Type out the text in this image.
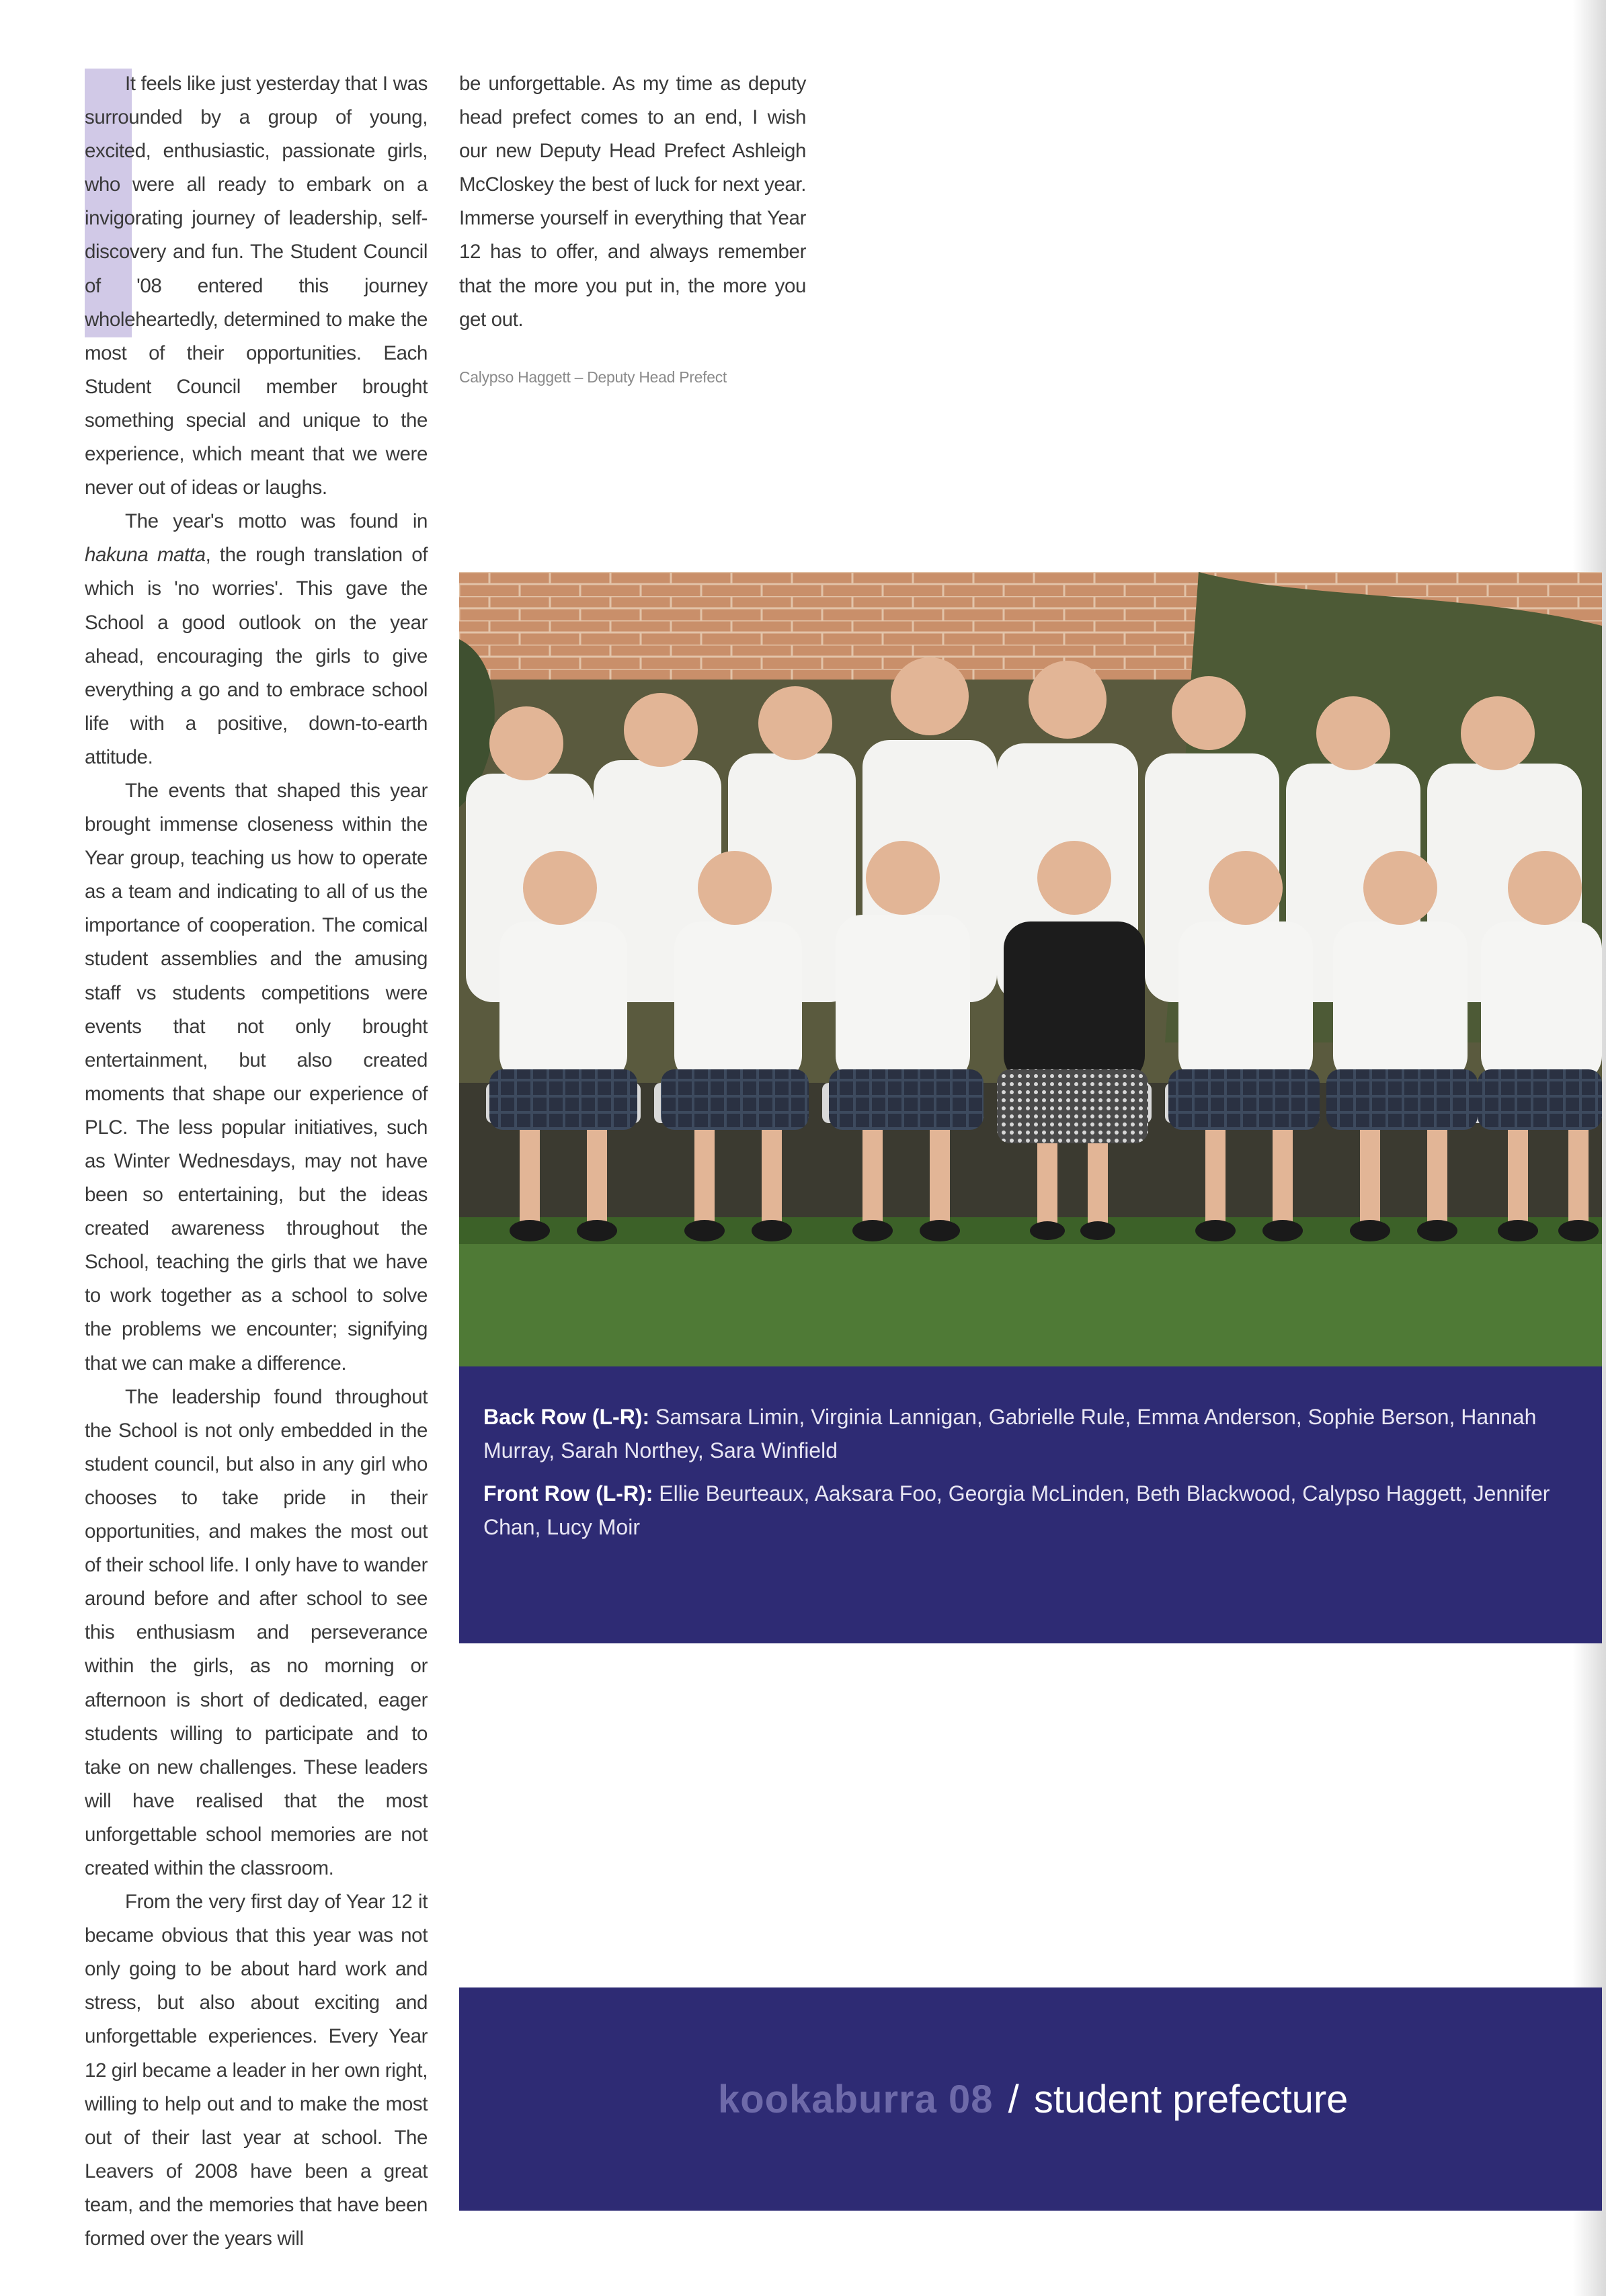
It feels like just yesterday that I was surrounded by a group of young, excited, enthusiastic, passionate girls, who were all ready to embark on a invigorating journey of leadership, self-discovery and fun. The Student Council of '08 entered this journey wholeheartedly, determined to make the most of their opportunities. Each Student Council member brought something special and unique to the experience, which meant that we were never out of ideas or laughs.

The year's motto was found in hakuna matta, the rough translation of which is 'no worries'. This gave the School a good outlook on the year ahead, encouraging the girls to give everything a go and to embrace school life with a positive, down-to-earth attitude.

The events that shaped this year brought immense closeness within the Year group, teaching us how to operate as a team and indicating to all of us the importance of cooperation. The comical student assemblies and the amusing staff vs students competitions were events that not only brought entertainment, but also created moments that shape our experience of PLC. The less popular initiatives, such as Winter Wednesdays, may not have been so entertaining, but the ideas created awareness throughout the School, teaching the girls that we have to work together as a school to solve the problems we encounter; signifying that we can make a difference.

The leadership found throughout the School is not only embedded in the student council, but also in any girl who chooses to take pride in their opportunities, and makes the most out of their school life. I only have to wander around before and after school to see this enthusiasm and perseverance within the girls, as no morning or afternoon is short of dedicated, eager students willing to participate and to take on new challenges. These leaders will have realised that the most unforgettable school memories are not created within the classroom.

From the very first day of Year 12 it became obvious that this year was not only going to be about hard work and stress, but also about exciting and unforgettable experiences. Every Year 12 girl became a leader in her own right, willing to help out and to make the most out of their last year at school. The Leavers of 2008 have been a great team, and the memories that have been formed over the years will

be unforgettable. As my time as deputy head prefect comes to an end, I wish our new Deputy Head Prefect Ashleigh McCloskey the best of luck for next year. Immerse yourself in everything that Year 12 has to offer, and always remember that the more you put in, the more you get out.

Calypso Haggett – Deputy Head Prefect

Back Row (L-R): Samsara Limin, Virginia Lannigan, Gabrielle Rule, Emma Anderson, Sophie Berson, Hannah Murray, Sarah Northey, Sara Winfield

Front Row (L-R): Ellie Beurteaux, Aaksara Foo, Georgia McLinden, Beth Blackwood, Calypso Haggett, Jennifer Chan, Lucy Moir

kookaburra 08 / student prefecture
